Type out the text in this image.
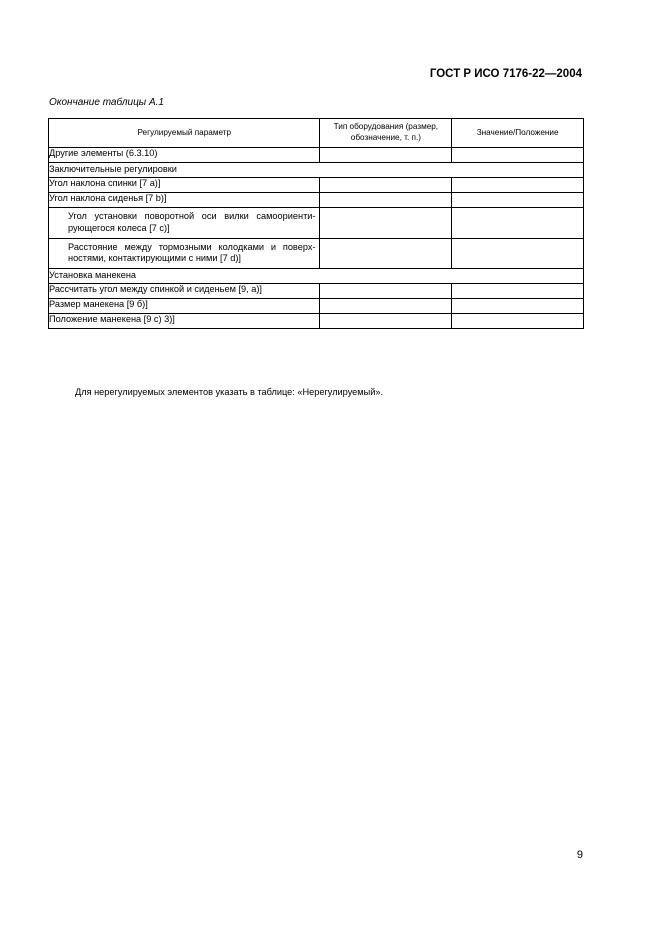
ГОСТ Р ИСО 7176-22—2004
Окончание таблицы А.1
Регулируемый параметр	Тип оборудования (размер, обозначение, т. п.)	Значение/Положение
Другие элементы (6.3.10)		
Заключительные регулировки		
Угол наклона спинки [7 а)]		
Угол наклона сиденья [7 b)]		
Угол установки поворотной оси вилки самоориенти- рующегося колеса [7 с)]		
Расстояние между тормозными колодками и поверх- ностями, контактирующими с ними [7 d)]		
Установка манекена		
Рассчитать угол между спинкой и сиденьем [9, а)]		
Размер манекена [9 б)]		
Положение манекена [9 с) 3)]		
Для нерегулируемых элементов указать в таблице: «Нерегулируемый».
9
